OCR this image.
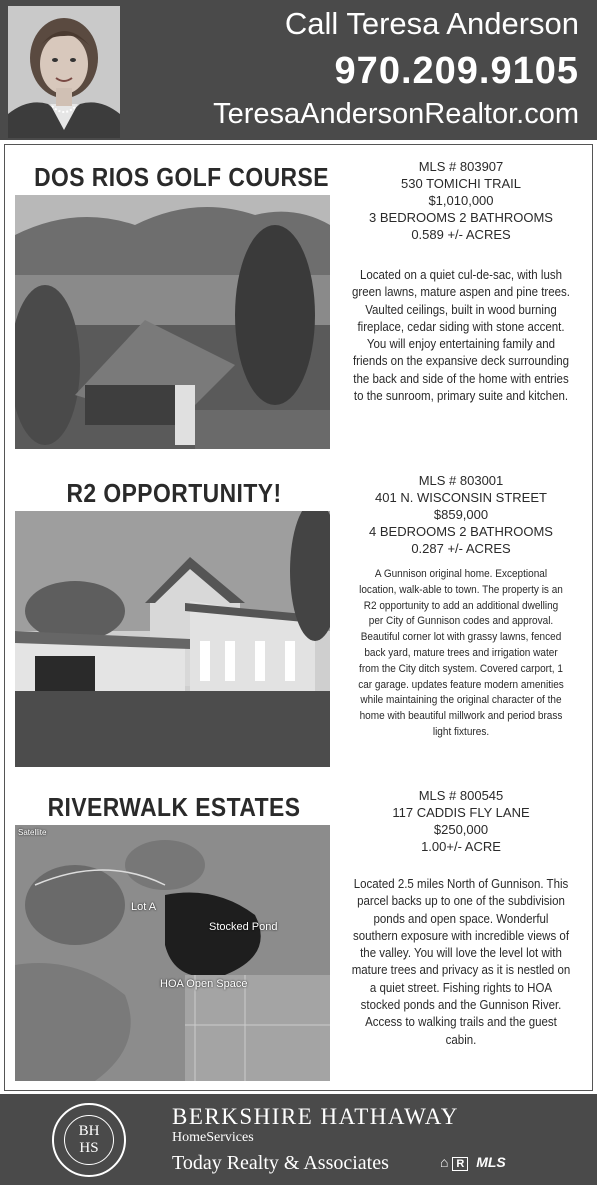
Call Teresa Anderson
970.209.9105
TeresaAndersonRealtor.com
DOS RIOS GOLF COURSE	MLS # 803907
530 TOMICHI TRAIL
$1,010,000
3 BEDROOMS 2 BATHROOMS
0.589 +/- ACRES
Located on a quiet cul-de-sac, with lush green lawns, mature aspen and pine trees. Vaulted ceilings, built in wood burning fireplace, cedar siding with stone accent. You will enjoy entertaining family and friends on the expansive deck surrounding the back and side of the home with entries to the sunroom, primary suite and kitchen.
R2 OPPORTUNITY!	MLS # 803001
401 N. WISCONSIN STREET
$859,000
4 BEDROOMS 2 BATHROOMS
0.287 +/- ACRES
A Gunnison original home. Exceptional location, walk-able to town. The property is an R2 opportunity to add an additional dwelling per City of Gunnison codes and approval. Beautiful corner lot with grassy lawns, fenced back yard, mature trees and irrigation water from the City ditch system. Covered carport, 1 car garage. updates feature modern amenities while maintaining the original character of the home with beautiful millwork and period brass light fixtures.
RIVERWALK ESTATES
Satellite
Lot A
Stocked Pond
HOA Open Space
MLS # 800545
117 CADDIS FLY LANE
$250,000
1.00+/- ACRE
Located 2.5 miles North of Gunnison. This parcel backs up to one of the subdivision ponds and open space. Wonderful southern exposure with incredible views of the valley. You will love the level lot with mature trees and privacy as it is nestled on a quiet street. Fishing rights to HOA stocked ponds and the Gunnison River. Access to walking trails and the guest cabin.
BH
HS
BERKSHIRE HATHAWAY
HomeServices
Today Realty & Associates	⌂ R MLS
